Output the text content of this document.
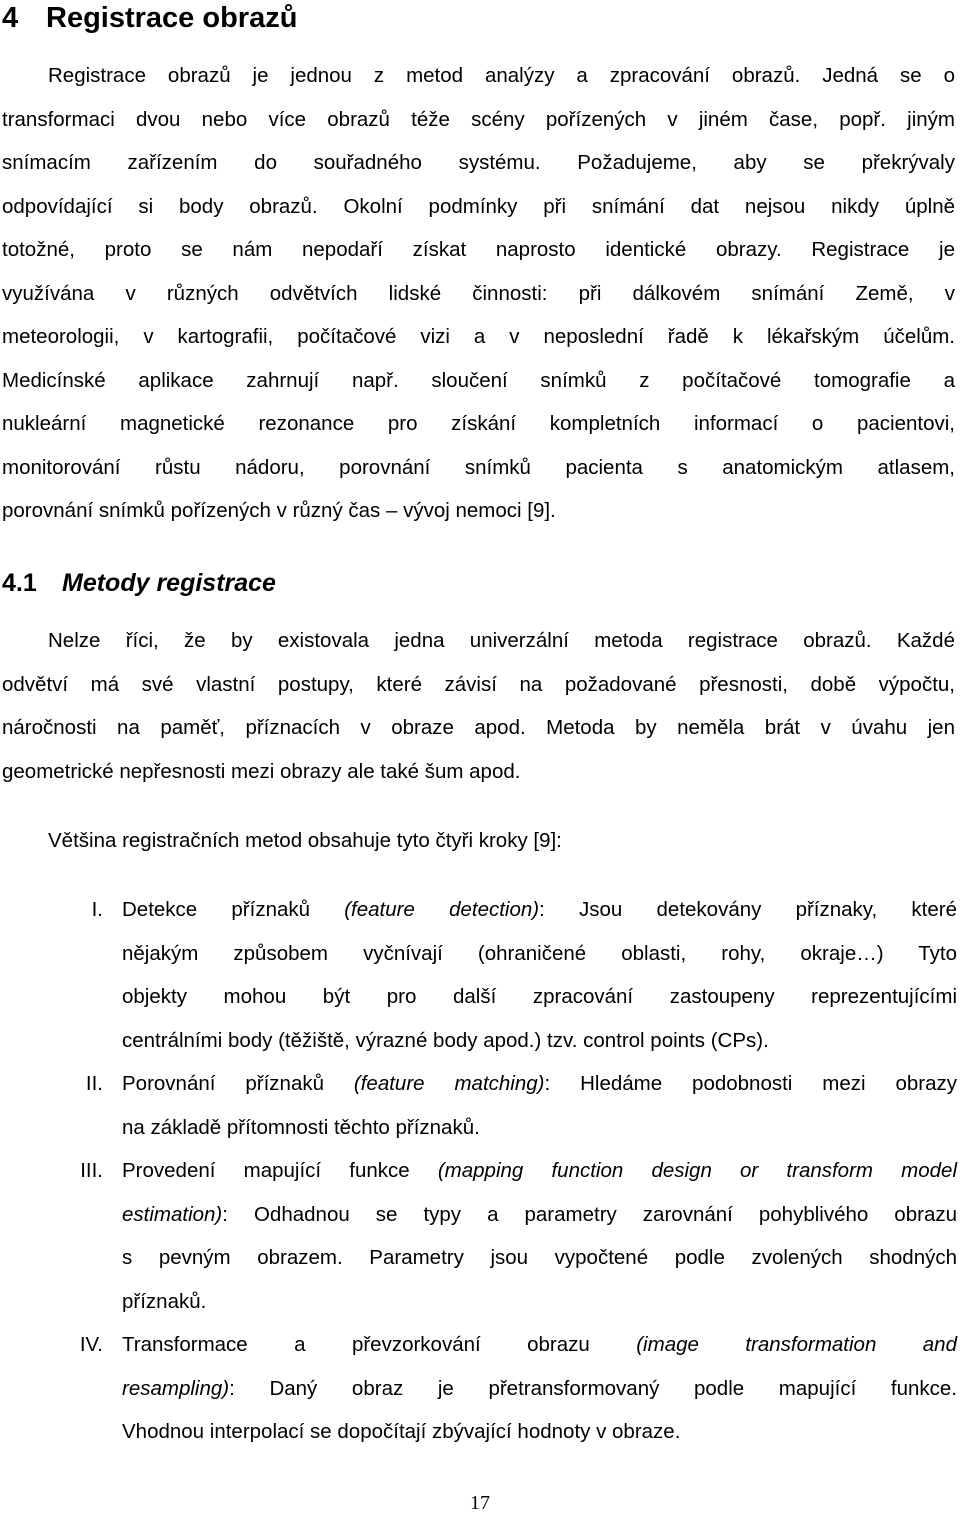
4 Registrace obrazů

Registrace obrazů je jednou z metod analýzy a zpracování obrazů. Jedná se o
transformaci dvou nebo více obrazů téže scény pořízených v jiném čase, popř. jiným
snímacím zařízením do souřadného systému. Požadujeme, aby se překrývaly
odpovídající si body obrazů. Okolní podmínky při snímání dat nejsou nikdy úplně
totožné, proto se nám nepodaří získat naprosto identické obrazy. Registrace je
využívána v různých odvětvích lidské činnosti: při dálkovém snímání Země, v
meteorologii, v kartografii, počítačové vizi a v neposlední řadě k lékařským účelům.
Medicínské aplikace zahrnují např. sloučení snímků z počítačové tomografie a
nukleární magnetické rezonance pro získání kompletních informací o pacientovi,
monitorování růstu nádoru, porovnání snímků pacienta s anatomickým atlasem,
porovnání snímků pořízených v různý čas – vývoj nemoci [9].

4.1 Metody registrace

Nelze říci, že by existovala jedna univerzální metoda registrace obrazů. Každé
odvětví má své vlastní postupy, které závisí na požadované přesnosti, době výpočtu,
náročnosti na paměť, příznacích v obraze apod. Metoda by neměla brát v úvahu jen
geometrické nepřesnosti mezi obrazy ale také šum apod.

Většina registračních metod obsahuje tyto čtyři kroky [9]:

I. Detekce příznaků (feature detection): Jsou detekovány příznaky, které
nějakým způsobem vyčnívají (ohraničené oblasti, rohy, okraje…) Tyto
objekty mohou být pro další zpracování zastoupeny reprezentujícími
centrálními body (těžiště, výrazné body apod.) tzv. control points (CPs).
II. Porovnání příznaků (feature matching): Hledáme podobnosti mezi obrazy
na základě přítomnosti těchto příznaků.
III. Provedení mapující funkce (mapping function design or transform model
estimation): Odhadnou se typy a parametry zarovnání pohyblivého obrazu
s pevným obrazem. Parametry jsou vypočtené podle zvolených shodných
příznaků.
IV. Transformace a převzorkování obrazu (image transformation and
resampling): Daný obraz je přetransformovaný podle mapující funkce.
Vhodnou interpolací se dopočítají zbývající hodnoty v obraze.
17
